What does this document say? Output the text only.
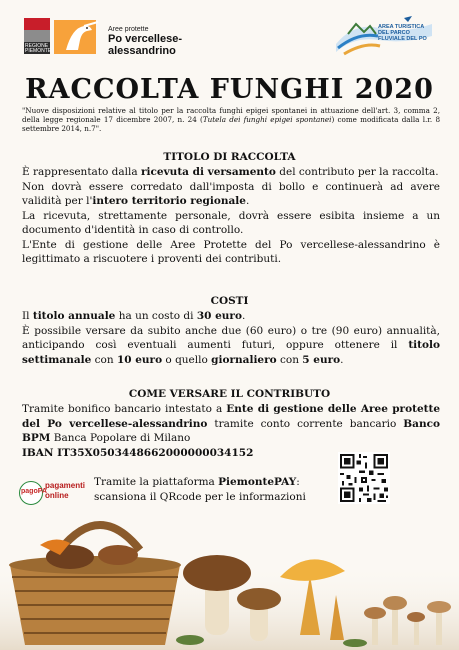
REGIONE PIEMONTE
Aree protette
Po vercellese-alessandrino
AREA TURISTICA DEL PARCO FLUVIALE DEL PO
RACCOLTA FUNGHI 2020
"Nuove disposizioni relative al titolo per la raccolta funghi epigei spontanei in attuazione dell'art. 3, comma 2, della legge regionale 17 dicembre 2007, n. 24 (Tutela dei funghi epigei spontanei) come modificata dalla l.r. 8 settembre 2014, n.7".
TITOLO DI RACCOLTA

È rappresentato dalla ricevuta di versamento del contributo per la raccolta.

Non dovrà essere corredato dall'imposta di bollo e continuerà ad avere validità per l'intero territorio regionale.

La ricevuta, strettamente personale, dovrà essere esibita insieme a un documento d'identità in caso di controllo.

L'Ente di gestione delle Aree Protette del Po vercellese-alessandrino è legittimato a riscuotere i proventi dei contributi.

COSTI

Il titolo annuale ha un costo di 30 euro.

È possibile versare da subito anche due (60 euro) o tre (90 euro) annualità, anticipando così eventuali aumenti futuri, oppure ottenere il titolo settimanale con 10 euro o quello giornaliero con 5 euro.

COME VERSARE IL CONTRIBUTO

Tramite bonifico bancario intestato a Ente di gestione delle Aree protette del Po vercellese-alessandrino tramite conto corrente bancario Banco BPM Banca Popolare di Milano

IBAN IT35X0503448662000000034152

pagoPA
pagamenti
online

Tramite la piattaforma PiemontePAY:

scansiona il QRcode per le informazioni
